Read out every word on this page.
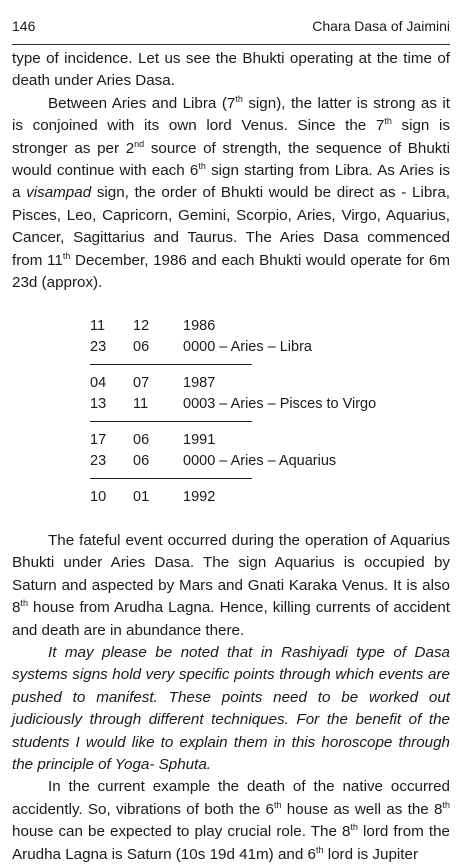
146	Chara Dasa of Jaimini

type of incidence. Let us see the Bhukti operating at the time of death under Aries Dasa.

Between Aries and Libra (7th sign), the latter is strong as it is conjoined with its own lord Venus. Since the 7th sign is stronger as per 2nd source of strength, the sequence of Bhukti would continue with each 6th sign starting from Libra. As Aries is a visampad sign, the order of Bhukti would be direct as - Libra, Pisces, Leo, Capricorn, Gemini, Scorpio, Aries, Virgo, Aquarius, Cancer, Sagittarius and Taurus. The Aries Dasa commenced from 11th December, 1986 and each Bhukti would operate for 6m 23d (approx).

11	12	1986
23	06	0000 – Aries – Libra
04	07	1987
13	11	0003 – Aries – Pisces to Virgo
17	06	1991
23	06	0000 – Aries – Aquarius
10	01	1992

The fateful event occurred during the operation of Aquarius Bhukti under Aries Dasa. The sign Aquarius is occupied by Saturn and aspected by Mars and Gnati Karaka Venus. It is also 8th house from Arudha Lagna. Hence, killing currents of accident and death are in abundance there.

It may please be noted that in Rashiyadi type of Dasa systems signs hold very specific points through which events are pushed to manifest. These points need to be worked out judiciously through different techniques. For the benefit of the students I would like to explain them in this horoscope through the principle of Yoga- Sphuta.

In the current example the death of the native occurred accidently. So, vibrations of both the 6th house as well as the 8th house can be expected to play crucial role. The 8th lord from the Arudha Lagna is Saturn (10s 19d 41m) and 6th lord is Jupiter
